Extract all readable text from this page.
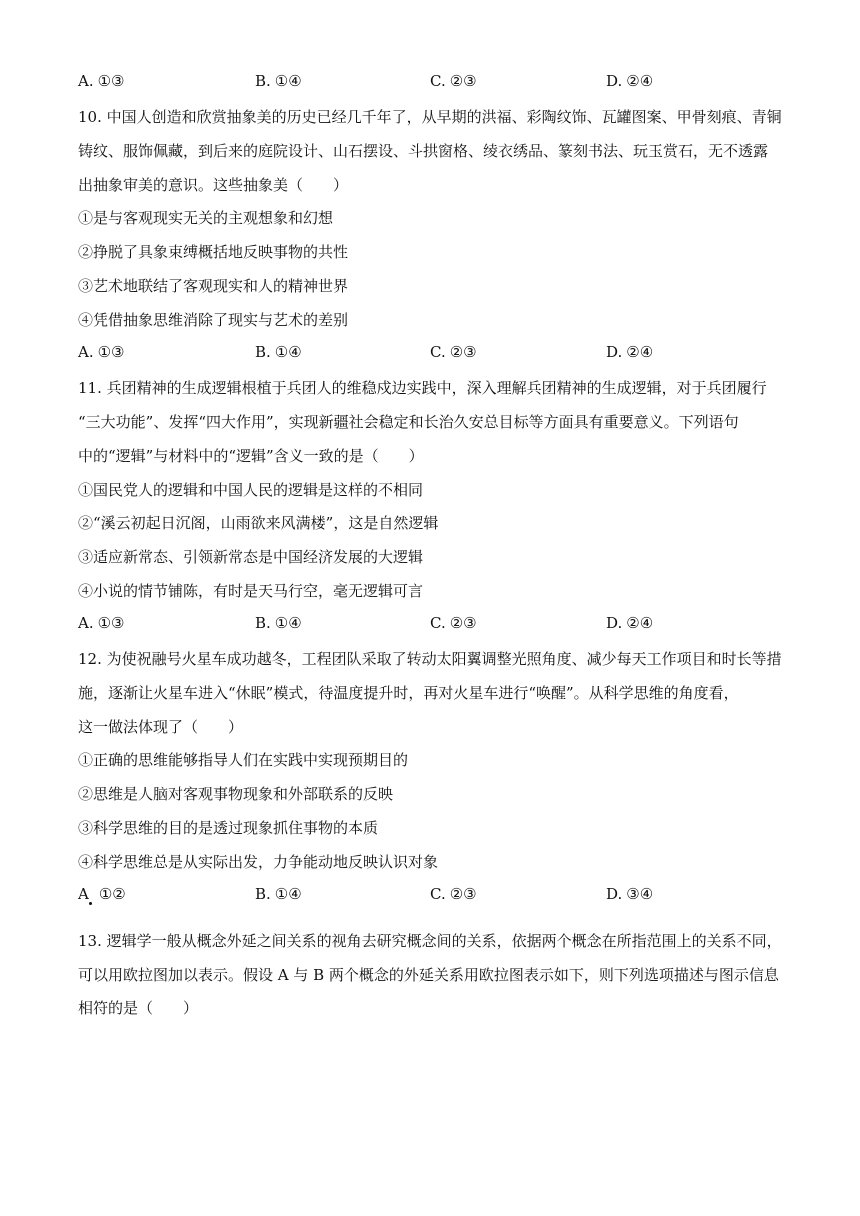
A. ①③	B. ①④	C. ②③	D. ②④
10. 中国人创造和欣赏抽象美的历史已经几千年了，从早期的洪福、彩陶纹饰、瓦罐图案、甲骨刻痕、青铜
铸纹、服饰佩藏，到后来的庭院设计、山石摆设、斗拱窗格、绫衣绣品、篆刻书法、玩玉赏石，无不透露
出抽象审美的意识。这些抽象美（　　）
①是与客观现实无关的主观想象和幻想
②挣脱了具象束缚概括地反映事物的共性
③艺术地联结了客观现实和人的精神世界
④凭借抽象思维消除了现实与艺术的差别
A. ①③	B. ①④	C. ②③	D. ②④
11. 兵团精神的生成逻辑根植于兵团人的维稳戍边实践中，深入理解兵团精神的生成逻辑，对于兵团履行
“三大功能”、发挥“四大作用”，实现新疆社会稳定和长治久安总目标等方面具有重要意义。下列语句
中的“逻辑”与材料中的“逻辑”含义一致的是（　　）
①国民党人的逻辑和中国人民的逻辑是这样的不相同
②“溪云初起日沉阁，山雨欲来风满楼”，这是自然逻辑
③适应新常态、引领新常态是中国经济发展的大逻辑
④小说的情节铺陈，有时是天马行空，毫无逻辑可言
A. ①③	B. ①④	C. ②③	D. ②④
12. 为使祝融号火星车成功越冬，工程团队采取了转动太阳翼调整光照角度、减少每天工作项目和时长等措
施，逐渐让火星车进入“休眠”模式，待温度提升时，再对火星车进行“唤醒”。从科学思维的角度看，
这一做法体现了（　　）
①正确的思维能够指导人们在实践中实现预期目的
②思维是人脑对客观事物现象和外部联系的反映
③科学思维的目的是透过现象抓住事物的本质
④科学思维总是从实际出发，力争能动地反映认识对象
A ①②	B. ①④	C. ②③	D. ③④
13. 逻辑学一般从概念外延之间关系的视角去研究概念间的关系，依据两个概念在所指范围上的关系不同，
可以用欧拉图加以表示。假设 A 与 B 两个概念的外延关系用欧拉图表示如下，则下列选项描述与图示信息
相符的是（　　）
